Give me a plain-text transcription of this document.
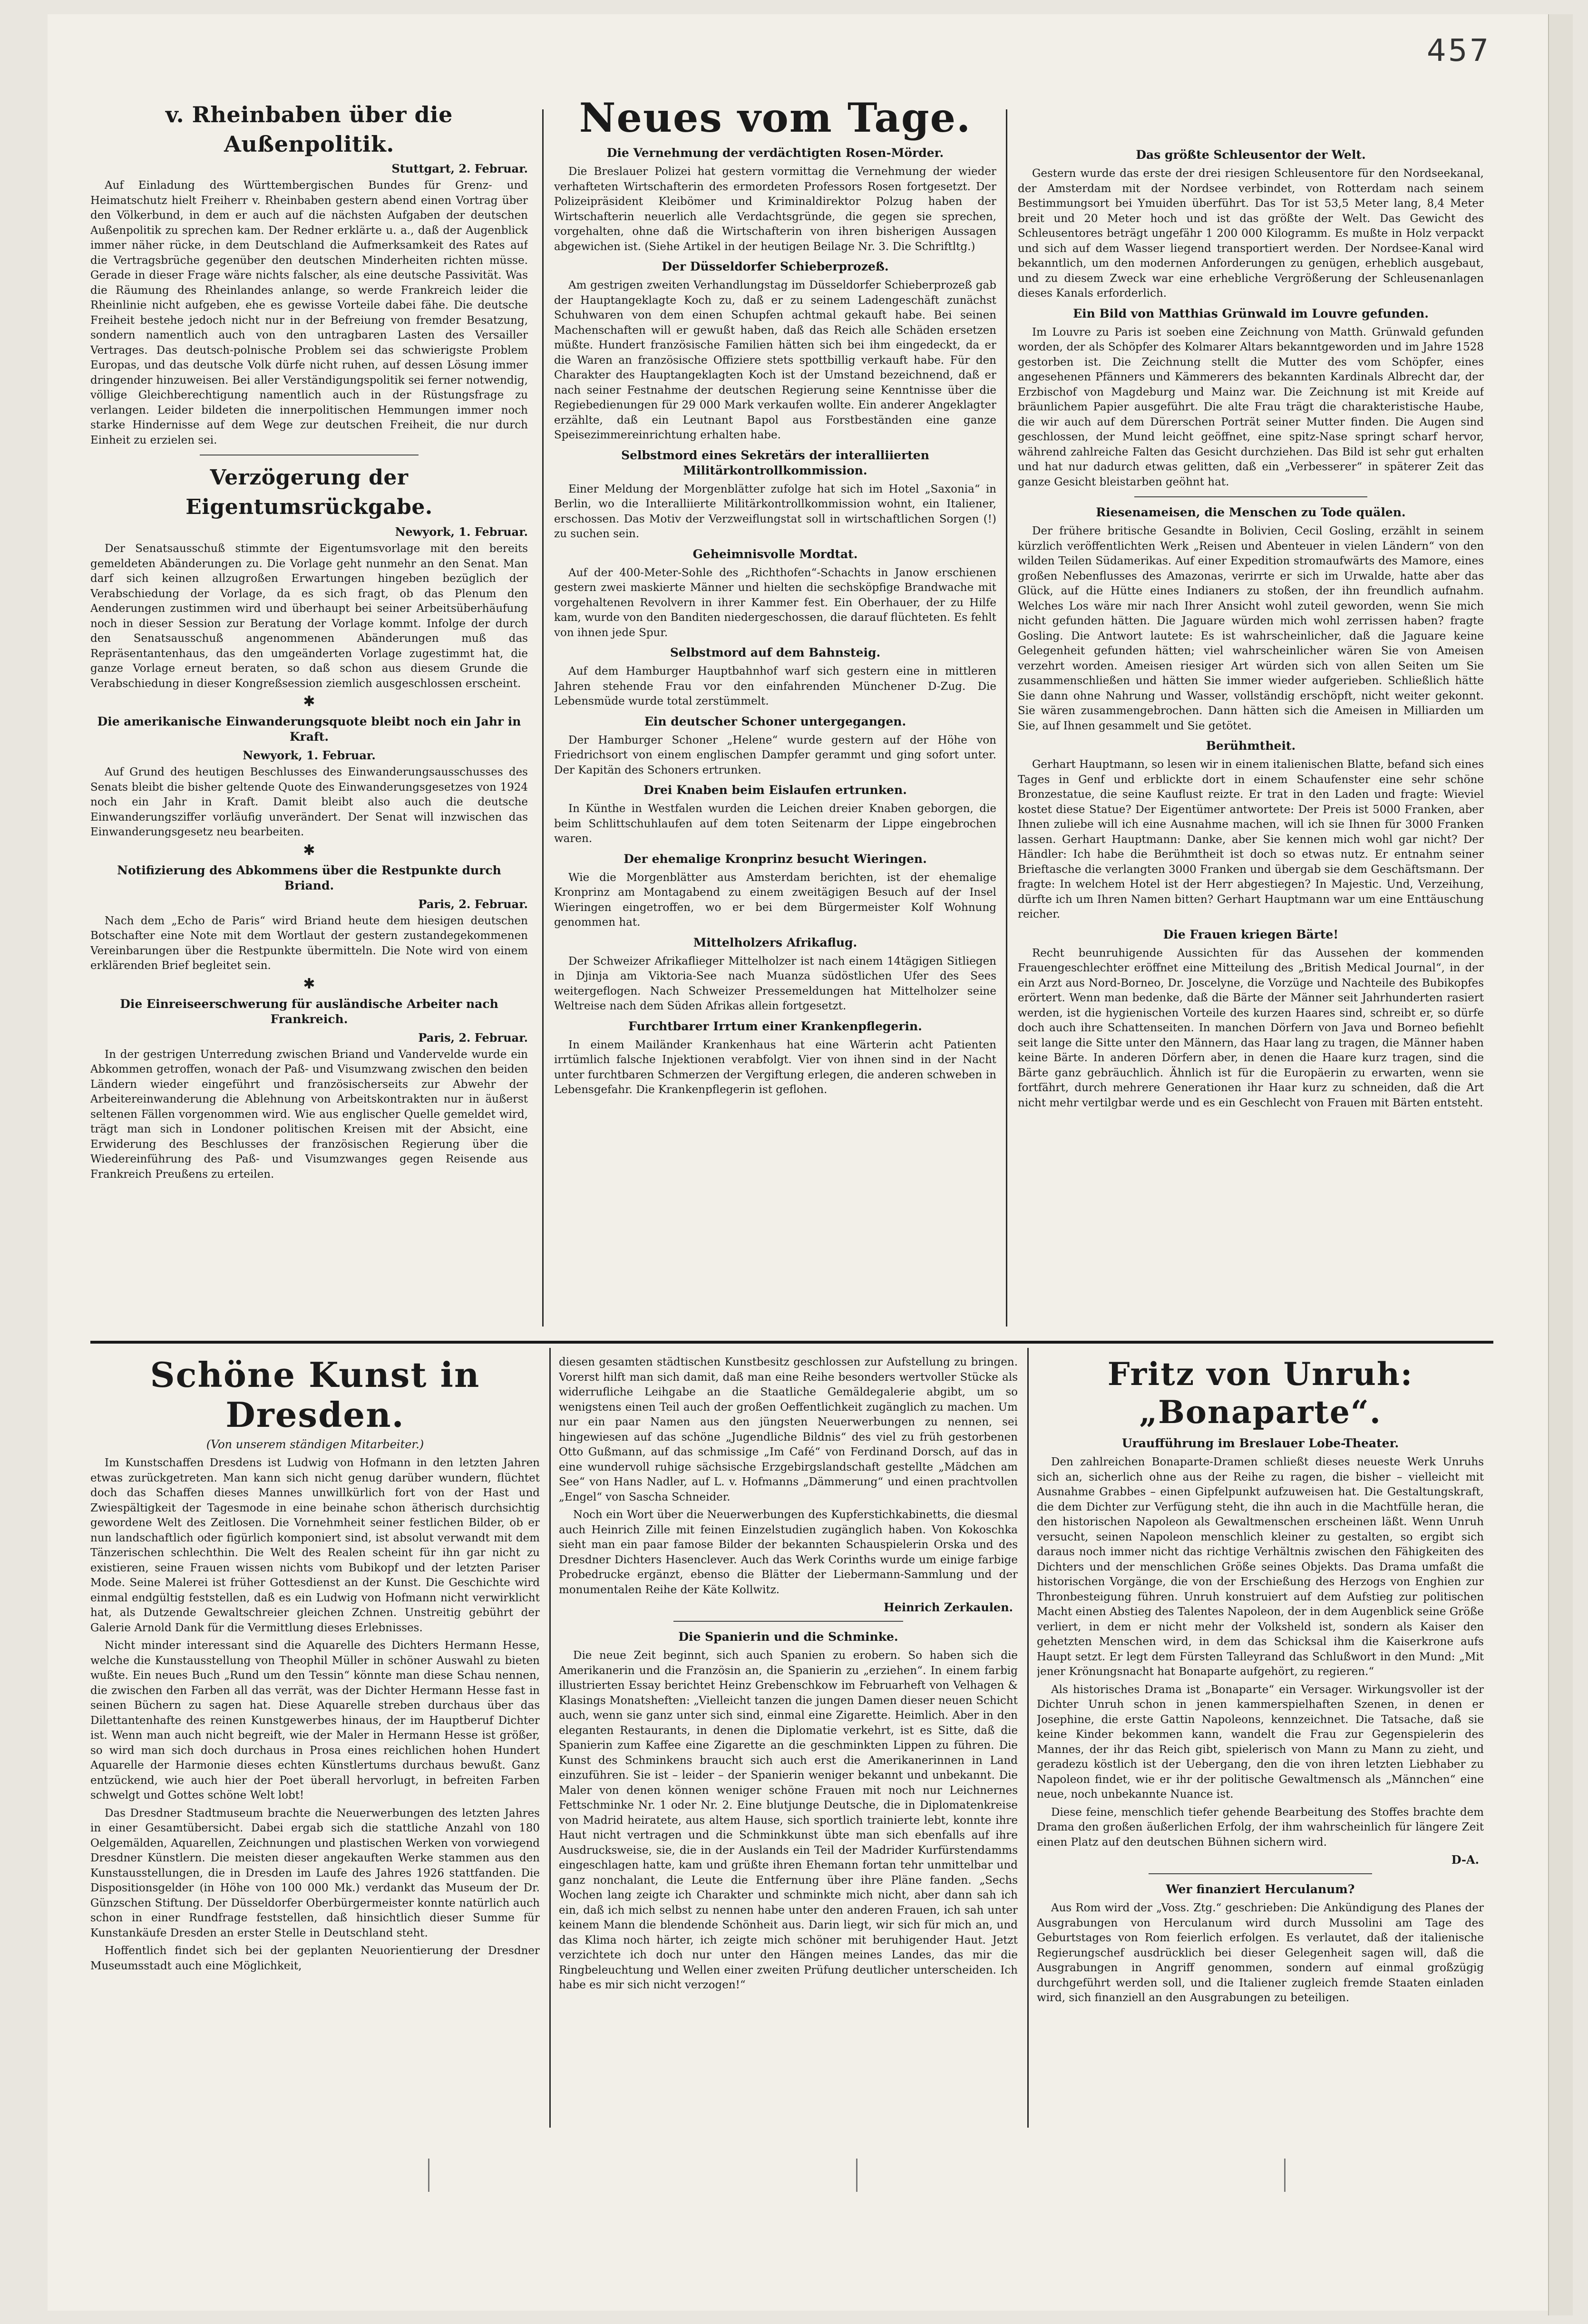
457
v. Rheinbaben über die Außenpolitik.
Stuttgart, 2. Februar.

Auf Einladung des Württembergischen Bundes für Grenz- und Heimatschutz hielt Freiherr v. Rheinbaben gestern abend einen Vortrag über den Völkerbund, in dem er auch auf die nächsten Aufgaben der deutschen Außenpolitik zu sprechen kam. Der Redner erklärte u. a., daß der Augenblick immer näher rücke, in dem Deutschland die Aufmerksamkeit des Rates auf die Vertragsbrüche gegenüber den deutschen Minderheiten richten müsse. Gerade in dieser Frage wäre nichts falscher, als eine deutsche Passivität. Was die Räumung des Rheinlandes anlange, so werde Frankreich leider die Rheinlinie nicht aufgeben, ehe es gewisse Vorteile dabei fähe. Die deutsche Freiheit bestehe jedoch nicht nur in der Befreiung von fremder Besatzung, sondern namentlich auch von den untragbaren Lasten des Versailler Vertrages. Das deutsch-polnische Problem sei das schwierigste Problem Europas, und das deutsche Volk dürfe nicht ruhen, auf dessen Lösung immer dringender hinzuweisen. Bei aller Verständigungspolitik sei ferner notwendig, völlige Gleichberechtigung namentlich auch in der Rüstungsfrage zu verlangen. Leider bildeten die innerpolitischen Hemmungen immer noch starke Hindernisse auf dem Wege zur deutschen Freiheit, die nur durch Einheit zu erzielen sei.

Verzögerung der Eigentumsrückgabe.
Newyork, 1. Februar.

Der Senatsausschuß stimmte der Eigentumsvorlage mit den bereits gemeldeten Abänderungen zu. Die Vorlage geht nunmehr an den Senat. Man darf sich keinen allzugroßen Erwartungen hingeben bezüglich der Verabschiedung der Vorlage, da es sich fragt, ob das Plenum den Aenderungen zustimmen wird und überhaupt bei seiner Arbeitsüberhäufung noch in dieser Session zur Beratung der Vorlage kommt. Infolge der durch den Senatsausschuß angenommenen Abänderungen muß das Repräsentantenhaus, das den umgeänderten Vorlage zugestimmt hat, die ganze Vorlage erneut beraten, so daß schon aus diesem Grunde die Verabschiedung in dieser Kongreßsession ziemlich ausgeschlossen erscheint.

✱
Die amerikanische Einwanderungsquote bleibt noch ein Jahr in Kraft.
Newyork, 1. Februar.

Auf Grund des heutigen Beschlusses des Einwanderungsausschusses des Senats bleibt die bisher geltende Quote des Einwanderungsgesetzes von 1924 noch ein Jahr in Kraft. Damit bleibt also auch die deutsche Einwanderungsziffer vorläufig unverändert. Der Senat will inzwischen das Einwanderungsgesetz neu bearbeiten.

✱
Notifizierung des Abkommens über die Restpunkte durch Briand.
Paris, 2. Februar.

Nach dem „Echo de Paris“ wird Briand heute dem hiesigen deutschen Botschafter eine Note mit dem Wortlaut der gestern zustandegekommenen Vereinbarungen über die Restpunkte übermitteln. Die Note wird von einem erklärenden Brief begleitet sein.

✱
Die Einreiseerschwerung für ausländische Arbeiter nach Frankreich.
Paris, 2. Februar.

In der gestrigen Unterredung zwischen Briand und Vandervelde wurde ein Abkommen getroffen, wonach der Paß- und Visumzwang zwischen den beiden Ländern wieder eingeführt und französischerseits zur Abwehr der Arbeitereinwanderung die Ablehnung von Arbeitskontrakten nur in äußerst seltenen Fällen vorgenommen wird. Wie aus englischer Quelle gemeldet wird, trägt man sich in Londoner politischen Kreisen mit der Absicht, eine Erwiderung des Beschlusses der französischen Regierung über die Wiedereinführung des Paß- und Visumzwanges gegen Reisende aus Frankreich Preußens zu erteilen.

Neues vom Tage.
Die Vernehmung der verdächtigten Rosen-Mörder.

Die Breslauer Polizei hat gestern vormittag die Vernehmung der wieder verhafteten Wirtschafterin des ermordeten Professors Rosen fortgesetzt. Der Polizeipräsident Kleibömer und Kriminaldirektor Polzug haben der Wirtschafterin neuerlich alle Verdachtsgründe, die gegen sie sprechen, vorgehalten, ohne daß die Wirtschafterin von ihren bisherigen Aussagen abgewichen ist. (Siehe Artikel in der heutigen Beilage Nr. 3. Die Schriftltg.)

Der Düsseldorfer Schieberprozeß.

Am gestrigen zweiten Verhandlungstag im Düsseldorfer Schieberprozeß gab der Hauptangeklagte Koch zu, daß er zu seinem Ladengeschäft zunächst Schuhwaren von dem einen Schupfen achtmal gekauft habe. Bei seinen Machenschaften will er gewußt haben, daß das Reich alle Schäden ersetzen müßte. Hundert französische Familien hätten sich bei ihm eingedeckt, da er die Waren an französische Offiziere stets spottbillig verkauft habe. Für den Charakter des Hauptangeklagten Koch ist der Umstand bezeichnend, daß er nach seiner Festnahme der deutschen Regierung seine Kenntnisse über die Regiebedienungen für 29 000 Mark verkaufen wollte. Ein anderer Angeklagter erzählte, daß ein Leutnant Bapol aus Forstbeständen eine ganze Speisezimmereinrichtung erhalten habe.

Selbstmord eines Sekretärs der interalliierten Militärkontrollkommission.

Einer Meldung der Morgenblätter zufolge hat sich im Hotel „Saxonia“ in Berlin, wo die Interalliierte Militärkontrollkommission wohnt, ein Italiener, erschossen. Das Motiv der Verzweiflungstat soll in wirtschaftlichen Sorgen (!) zu suchen sein.

Geheimnisvolle Mordtat.

Auf der 400-Meter-Sohle des „Richthofen“-Schachts in Janow erschienen gestern zwei maskierte Männer und hielten die sechsköpfige Brandwache mit vorgehaltenen Revolvern in ihrer Kammer fest. Ein Oberhauer, der zu Hilfe kam, wurde von den Banditen niedergeschossen, die darauf flüchteten. Es fehlt von ihnen jede Spur.

Selbstmord auf dem Bahnsteig.

Auf dem Hamburger Hauptbahnhof warf sich gestern eine in mittleren Jahren stehende Frau vor den einfahrenden Münchener D-Zug. Die Lebensmüde wurde total zerstümmelt.

Ein deutscher Schoner untergegangen.

Der Hamburger Schoner „Helene“ wurde gestern auf der Höhe von Friedrichsort von einem englischen Dampfer gerammt und ging sofort unter. Der Kapitän des Schoners ertrunken.

Drei Knaben beim Eislaufen ertrunken.

In Künthe in Westfalen wurden die Leichen dreier Knaben geborgen, die beim Schlittschuhlaufen auf dem toten Seitenarm der Lippe eingebrochen waren.

Der ehemalige Kronprinz besucht Wieringen.

Wie die Morgenblätter aus Amsterdam berichten, ist der ehemalige Kronprinz am Montagabend zu einem zweitägigen Besuch auf der Insel Wieringen eingetroffen, wo er bei dem Bürgermeister Kolf Wohnung genommen hat.

Mittelholzers Afrikaflug.

Der Schweizer Afrikaflieger Mittelholzer ist nach einem 14tägigen Sitliegen in Djinja am Viktoria-See nach Muanza südöstlichen Ufer des Sees weitergeflogen. Nach Schweizer Pressemeldungen hat Mittelholzer seine Weltreise nach dem Süden Afrikas allein fortgesetzt.

Furchtbarer Irrtum einer Krankenpflegerin.

In einem Mailänder Krankenhaus hat eine Wärterin acht Patienten irrtümlich falsche Injektionen verabfolgt. Vier von ihnen sind in der Nacht unter furchtbaren Schmerzen der Vergiftung erlegen, die anderen schweben in Lebensgefahr. Die Krankenpflegerin ist geflohen.

Das größte Schleusentor der Welt.

Gestern wurde das erste der drei riesigen Schleusentore für den Nordseekanal, der Amsterdam mit der Nordsee verbindet, von Rotterdam nach seinem Bestimmungsort bei Ymuiden überführt. Das Tor ist 53,5 Meter lang, 8,4 Meter breit und 20 Meter hoch und ist das größte der Welt. Das Gewicht des Schleusentores beträgt ungefähr 1 200 000 Kilogramm. Es mußte in Holz verpackt und sich auf dem Wasser liegend transportiert werden. Der Nordsee-Kanal wird bekanntlich, um den modernen Anforderungen zu genügen, erheblich ausgebaut, und zu diesem Zweck war eine erhebliche Vergrößerung der Schleusenanlagen dieses Kanals erforderlich.

Ein Bild von Matthias Grünwald im Louvre gefunden.

Im Louvre zu Paris ist soeben eine Zeichnung von Matth. Grünwald gefunden worden, der als Schöpfer des Kolmarer Altars bekanntgeworden und im Jahre 1528 gestorben ist. Die Zeichnung stellt die Mutter des vom Schöpfer, eines angesehenen Pfänners und Kämmerers des bekannten Kardinals Albrecht dar, der Erzbischof von Magdeburg und Mainz war. Die Zeichnung ist mit Kreide auf bräunlichem Papier ausgeführt. Die alte Frau trägt die charakteristische Haube, die wir auch auf dem Dürerschen Porträt seiner Mutter finden. Die Augen sind geschlossen, der Mund leicht geöffnet, eine spitz-Nase springt scharf hervor, während zahlreiche Falten das Gesicht durchziehen. Das Bild ist sehr gut erhalten und hat nur dadurch etwas gelitten, daß ein „Verbesserer“ in späterer Zeit das ganze Gesicht bleistarben geöhnt hat.

Riesenameisen, die Menschen zu Tode quälen.

Der frühere britische Gesandte in Bolivien, Cecil Gosling, erzählt in seinem kürzlich veröffentlichten Werk „Reisen und Abenteuer in vielen Ländern“ von den wilden Teilen Südamerikas. Auf einer Expedition stromaufwärts des Mamore, eines großen Nebenflusses des Amazonas, verirrte er sich im Urwalde, hatte aber das Glück, auf die Hütte eines Indianers zu stoßen, der ihn freundlich aufnahm. Welches Los wäre mir nach Ihrer Ansicht wohl zuteil geworden, wenn Sie mich nicht gefunden hätten. Die Jaguare würden mich wohl zerrissen haben? fragte Gosling. Die Antwort lautete: Es ist wahrscheinlicher, daß die Jaguare keine Gelegenheit gefunden hätten; viel wahrscheinlicher wären Sie von Ameisen verzehrt worden. Ameisen riesiger Art würden sich von allen Seiten um Sie zusammenschließen und hätten Sie immer wieder aufgerieben. Schließlich hätte Sie dann ohne Nahrung und Wasser, vollständig erschöpft, nicht weiter gekonnt. Sie wären zusammengebrochen. Dann hätten sich die Ameisen in Milliarden um Sie, auf Ihnen gesammelt und Sie getötet.

Berühmtheit.

Gerhart Hauptmann, so lesen wir in einem italienischen Blatte, befand sich eines Tages in Genf und erblickte dort in einem Schaufenster eine sehr schöne Bronzestatue, die seine Kauflust reizte. Er trat in den Laden und fragte: Wieviel kostet diese Statue? Der Eigentümer antwortete: Der Preis ist 5000 Franken, aber Ihnen zuliebe will ich eine Ausnahme machen, will ich sie Ihnen für 3000 Franken lassen. Gerhart Hauptmann: Danke, aber Sie kennen mich wohl gar nicht? Der Händler: Ich habe die Berühmtheit ist doch so etwas nutz. Er entnahm seiner Brieftasche die verlangten 3000 Franken und übergab sie dem Geschäftsmann. Der fragte: In welchem Hotel ist der Herr abgestiegen? In Majestic. Und, Verzeihung, dürfte ich um Ihren Namen bitten? Gerhart Hauptmann war um eine Enttäuschung reicher.

Die Frauen kriegen Bärte!

Recht beunruhigende Aussichten für das Aussehen der kommenden Frauengeschlechter eröffnet eine Mitteilung des „British Medical Journal“, in der ein Arzt aus Nord-Borneo, Dr. Joscelyne, die Vorzüge und Nachteile des Bubikopfes erörtert. Wenn man bedenke, daß die Bärte der Männer seit Jahrhunderten rasiert werden, ist die hygienischen Vorteile des kurzen Haares sind, schreibt er, so dürfe doch auch ihre Schattenseiten. In manchen Dörfern von Java und Borneo befiehlt seit lange die Sitte unter den Männern, das Haar lang zu tragen, die Männer haben keine Bärte. In anderen Dörfern aber, in denen die Haare kurz tragen, sind die Bärte ganz gebräuchlich. Ähnlich ist für die Europäerin zu erwarten, wenn sie fortfährt, durch mehrere Generationen ihr Haar kurz zu schneiden, daß die Art nicht mehr vertilgbar werde und es ein Geschlecht von Frauen mit Bärten entsteht.

Schöne Kunst in Dresden.
(Von unserem ständigen Mitarbeiter.)

Im Kunstschaffen Dresdens ist Ludwig von Hofmann in den letzten Jahren etwas zurückgetreten. Man kann sich nicht genug darüber wundern, flüchtet doch das Schaffen dieses Mannes unwillkürlich fort von der Hast und Zwiespältigkeit der Tagesmode in eine beinahe schon ätherisch durchsichtig gewordene Welt des Zeitlosen. Die Vornehmheit seiner festlichen Bilder, ob er nun landschaftlich oder figürlich komponiert sind, ist absolut verwandt mit dem Tänzerischen schlechthin. Die Welt des Realen scheint für ihn gar nicht zu existieren, seine Frauen wissen nichts vom Bubikopf und der letzten Pariser Mode. Seine Malerei ist früher Gottesdienst an der Kunst. Die Geschichte wird einmal endgültig feststellen, daß es ein Ludwig von Hofmann nicht verwirklicht hat, als Dutzende Gewaltschreier gleichen Zchnen. Unstreitig gebührt der Galerie Arnold Dank für die Vermittlung dieses Erlebnisses.

Nicht minder interessant sind die Aquarelle des Dichters Hermann Hesse, welche die Kunstausstellung von Theophil Müller in schöner Auswahl zu bieten wußte. Ein neues Buch „Rund um den Tessin“ könnte man diese Schau nennen, die zwischen den Farben all das verrät, was der Dichter Hermann Hesse fast in seinen Büchern zu sagen hat. Diese Aquarelle streben durchaus über das Dilettantenhafte des reinen Kunstgewerbes hinaus, der im Hauptberuf Dichter ist. Wenn man auch nicht begreift, wie der Maler in Hermann Hesse ist größer, so wird man sich doch durchaus in Prosa eines reichlichen hohen Hundert Aquarelle der Harmonie dieses echten Künstlertums durchaus bewußt. Ganz entzückend, wie auch hier der Poet überall hervorlugt, in befreiten Farben schwelgt und Gottes schöne Welt lobt!

Das Dresdner Stadtmuseum brachte die Neuerwerbungen des letzten Jahres in einer Gesamtübersicht. Dabei ergab sich die stattliche Anzahl von 180 Oelgemälden, Aquarellen, Zeichnungen und plastischen Werken von vorwiegend Dresdner Künstlern. Die meisten dieser angekauften Werke stammen aus den Kunstausstellungen, die in Dresden im Laufe des Jahres 1926 stattfanden. Die Dispositionsgelder (in Höhe von 100 000 Mk.) verdankt das Museum der Dr. Günzschen Stiftung. Der Düsseldorfer Oberbürgermeister konnte natürlich auch schon in einer Rundfrage feststellen, daß hinsichtlich dieser Summe für Kunstankäufe Dresden an erster Stelle in Deutschland steht.

Hoffentlich findet sich bei der geplanten Neuorientierung der Dresdner Museumsstadt auch eine Möglichkeit,

diesen gesamten städtischen Kunstbesitz geschlossen zur Aufstellung zu bringen. Vorerst hilft man sich damit, daß man eine Reihe besonders wertvoller Stücke als widerrufliche Leihgabe an die Staatliche Gemäldegalerie abgibt, um so wenigstens einen Teil auch der großen Oeffentlichkeit zugänglich zu machen. Um nur ein paar Namen aus den jüngsten Neuerwerbungen zu nennen, sei hingewiesen auf das schöne „Jugendliche Bildnis“ des viel zu früh gestorbenen Otto Gußmann, auf das schmissige „Im Café“ von Ferdinand Dorsch, auf das in eine wundervoll ruhige sächsische Erzgebirgslandschaft gestellte „Mädchen am See“ von Hans Nadler, auf L. v. Hofmanns „Dämmerung“ und einen prachtvollen „Engel“ von Sascha Schneider.

Noch ein Wort über die Neuerwerbungen des Kupferstichkabinetts, die diesmal auch Heinrich Zille mit feinen Einzelstudien zugänglich haben. Von Kokoschka sieht man ein paar famose Bilder der bekannten Schauspielerin Orska und des Dresdner Dichters Hasenclever. Auch das Werk Corinths wurde um einige farbige Probedrucke ergänzt, ebenso die Blätter der Liebermann-Sammlung und der monumentalen Reihe der Käte Kollwitz.

Heinrich Zerkaulen.
Die Spanierin und die Schminke.

Die neue Zeit beginnt, sich auch Spanien zu erobern. So haben sich die Amerikanerin und die Französin an, die Spanierin zu „erziehen“. In einem farbig illustrierten Essay berichtet Heinz Grebenschkow im Februarheft von Velhagen & Klasings Monatsheften: „Vielleicht tanzen die jungen Damen dieser neuen Schicht auch, wenn sie ganz unter sich sind, einmal eine Zigarette. Heimlich. Aber in den eleganten Restaurants, in denen die Diplomatie verkehrt, ist es Sitte, daß die Spanierin zum Kaffee eine Zigarette an die geschminkten Lippen zu führen. Die Kunst des Schminkens braucht sich auch erst die Amerikanerinnen in Land einzuführen. Sie ist – leider – der Spanierin weniger bekannt und unbekannt. Die Maler von denen können weniger schöne Frauen mit noch nur Leichnernes Fettschminke Nr. 1 oder Nr. 2. Eine blutjunge Deutsche, die in Diplomatenkreise von Madrid heiratete, aus altem Hause, sich sportlich trainierte lebt, konnte ihre Haut nicht vertragen und die Schminkkunst übte man sich ebenfalls auf ihre Ausdrucksweise, sie, die in der Auslands ein Teil der Madrider Kurfürstendamms eingeschlagen hatte, kam und grüßte ihren Ehemann fortan tehr unmittelbar und ganz nonchalant, die Leute die Entfernung über ihre Pläne fanden. „Sechs Wochen lang zeigte ich Charakter und schminkte mich nicht, aber dann sah ich ein, daß ich mich selbst zu nennen habe unter den anderen Frauen, ich sah unter keinem Mann die blendende Schönheit aus. Darin liegt, wir sich für mich an, und das Klima noch härter, ich zeigte mich schöner mit beruhigender Haut. Jetzt verzichtete ich doch nur unter den Hängen meines Landes, das mir die Ringbeleuchtung und Wellen einer zweiten Prüfung deutlicher unterscheiden. Ich habe es mir sich nicht verzogen!“

Fritz von Unruh: „Bonaparte“.
Uraufführung im Breslauer Lobe-Theater.

Den zahlreichen Bonaparte-Dramen schließt dieses neueste Werk Unruhs sich an, sicherlich ohne aus der Reihe zu ragen, die bisher – vielleicht mit Ausnahme Grabbes – einen Gipfelpunkt aufzuweisen hat. Die Gestaltungskraft, die dem Dichter zur Verfügung steht, die ihn auch in die Machtfülle heran, die den historischen Napoleon als Gewaltmenschen erscheinen läßt. Wenn Unruh versucht, seinen Napoleon menschlich kleiner zu gestalten, so ergibt sich daraus noch immer nicht das richtige Verhältnis zwischen den Fähigkeiten des Dichters und der menschlichen Größe seines Objekts. Das Drama umfaßt die historischen Vorgänge, die von der Erschießung des Herzogs von Enghien zur Thronbesteigung führen. Unruh konstruiert auf dem Aufstieg zur politischen Macht einen Abstieg des Talentes Napoleon, der in dem Augenblick seine Größe verliert, in dem er nicht mehr der Volksheld ist, sondern als Kaiser den gehetzten Menschen wird, in dem das Schicksal ihm die Kaiserkrone aufs Haupt setzt. Er legt dem Fürsten Talleyrand das Schlußwort in den Mund: „Mit jener Krönungsnacht hat Bonaparte aufgehört, zu regieren.“

Als historisches Drama ist „Bonaparte“ ein Versager. Wirkungsvoller ist der Dichter Unruh schon in jenen kammerspielhaften Szenen, in denen er Josephine, die erste Gattin Napoleons, kennzeichnet. Die Tatsache, daß sie keine Kinder bekommen kann, wandelt die Frau zur Gegenspielerin des Mannes, der ihr das Reich gibt, spielerisch von Mann zu Mann zu zieht, und geradezu köstlich ist der Uebergang, den die von ihren letzten Liebhaber zu Napoleon findet, wie er ihr der politische Gewaltmensch als „Männchen“ eine neue, noch unbekannte Nuance ist.

Diese feine, menschlich tiefer gehende Bearbeitung des Stoffes brachte dem Drama den großen äußerlichen Erfolg, der ihm wahrscheinlich für längere Zeit einen Platz auf den deutschen Bühnen sichern wird.

D-A.
Wer finanziert Herculanum?

Aus Rom wird der „Voss. Ztg.“ geschrieben: Die Ankündigung des Planes der Ausgrabungen von Herculanum wird durch Mussolini am Tage des Geburtstages von Rom feierlich erfolgen. Es verlautet, daß der italienische Regierungschef ausdrücklich bei dieser Gelegenheit sagen will, daß die Ausgrabungen in Angriff genommen, sondern auf einmal großzügig durchgeführt werden soll, und die Italiener zugleich fremde Staaten einladen wird, sich finanziell an den Ausgrabungen zu beteiligen.
